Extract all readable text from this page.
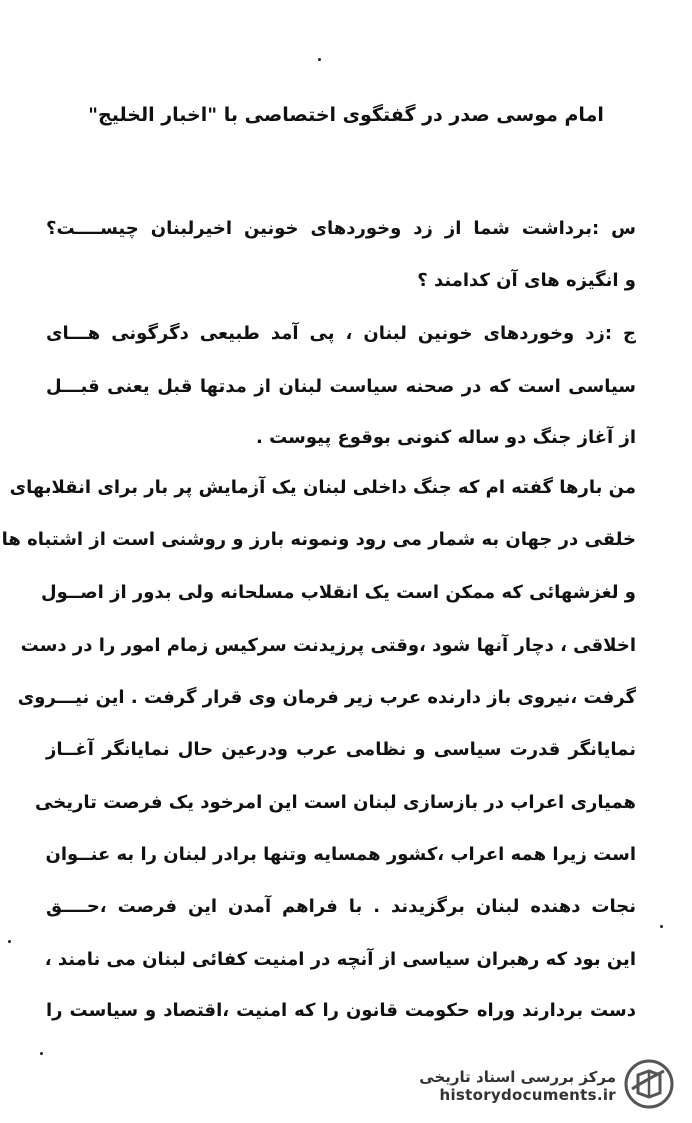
امام موسی صدر در گفتگوی اختصاصی با "اخبار الخلیج"
س :برداشت شما از زد وخوردهای خونین اخیرلبنان چیســــت؟
و انگیزه های آن کدامند ؟
ج :زد وخوردهای خونین لبنان ، پی آمد طبیعی دگرگونی هـــای
سیاسی است که در صحنه سیاست لبنان از مدتها قبل یعنی قبـــل
از آغاز جنگ دو ساله کنونی بوقوع پیوست .
من بارها گفته ام که جنگ داخلی لبنان یک آزمایش پر بار برای انقلابهای
خلقی در جهان به شمار می رود ونمونه بارز و روشنی است از اشتباه ها
و لغزشهائی که ممکن است یک انقلاب مسلحانه ولی بدور از اصــول
اخلاقی ، دچار آنها شود ،وقتی پرزیدنت سرکیس زمام امور را در دست
گرفت ،نیروی باز دارنده عرب زیر فرمان وی قرار گرفت . این نیـــروی
نمایانگر قدرت سیاسی و نظامی عرب ودرعین حال نمایانگر آغــاز
همیاری اعراب در بازسازی لبنان است این امرخود یک فرصت تاریخی
است زیرا همه اعراب ،کشور همسایه وتنها برادر لبنان را به عنــوان
نجات دهنده لبنان برگزیدند . با فراهم آمدن این فرصت ،حــــق
این بود که رهبران سیاسی از آنچه در امنیت کفائی لبنان می نامند ،
دست بردارند وراه حکومت قانون را که امنیت ،اقتصاد و سیاست را
مرکز بررسی اسناد تاریخی
historydocuments.ir
